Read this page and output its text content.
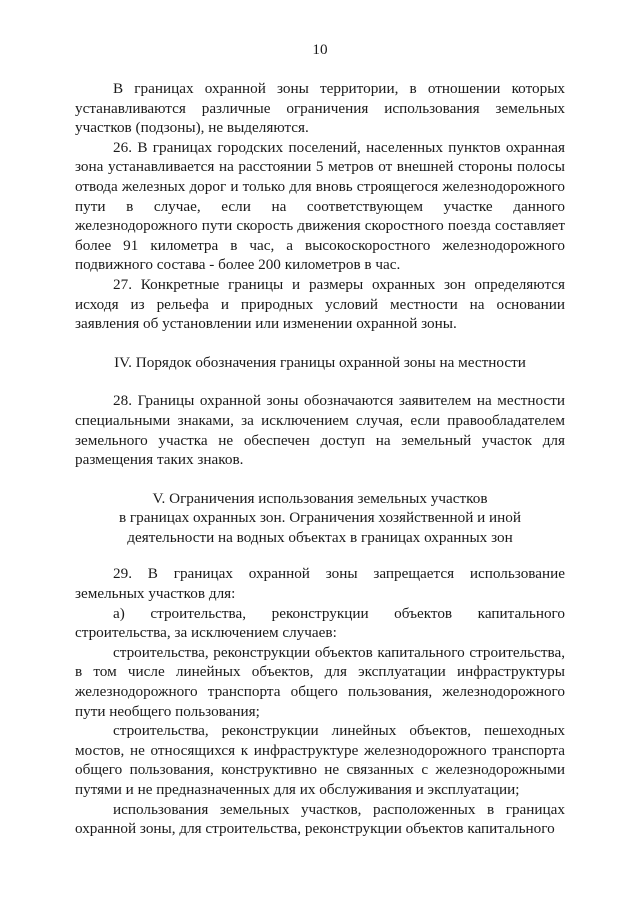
10

В границах охранной зоны территории, в отношении которых устанавливаются различные ограничения использования земельных участков (подзоны), не выделяются.

26. В границах городских поселений, населенных пунктов охранная зона устанавливается на расстоянии 5 метров от внешней стороны полосы отвода железных дорог и только для вновь строящегося железнодорожного пути в случае, если на соответствующем участке данного железнодорожного пути скорость движения скоростного поезда составляет более 91 километра в час, а высокоскоростного железнодорожного подвижного состава - более 200 километров в час.

27. Конкретные границы и размеры охранных зон определяются исходя из рельефа и природных условий местности на основании заявления об установлении или изменении охранной зоны.

IV. Порядок обозначения границы охранной зоны на местности

28. Границы охранной зоны обозначаются заявителем на местности специальными знаками, за исключением случая, если правообладателем земельного участка не обеспечен доступ на земельный участок для размещения таких знаков.

V. Ограничения использования земельных участков

в границах охранных зон. Ограничения хозяйственной и иной

деятельности на водных объектах в границах охранных зон

29. В границах охранной зоны запрещается использование земельных участков для:

а) строительства, реконструкции объектов капитального строительства, за исключением случаев:

строительства, реконструкции объектов капитального строительства, в том числе линейных объектов, для эксплуатации инфраструктуры железнодорожного транспорта общего пользования, железнодорожного пути необщего пользования;

строительства, реконструкции линейных объектов, пешеходных мостов, не относящихся к инфраструктуре железнодорожного транспорта общего пользования, конструктивно не связанных с железнодорожными путями и не предназначенных для их обслуживания и эксплуатации;

использования земельных участков, расположенных в границах охранной зоны, для строительства, реконструкции объектов капитального
